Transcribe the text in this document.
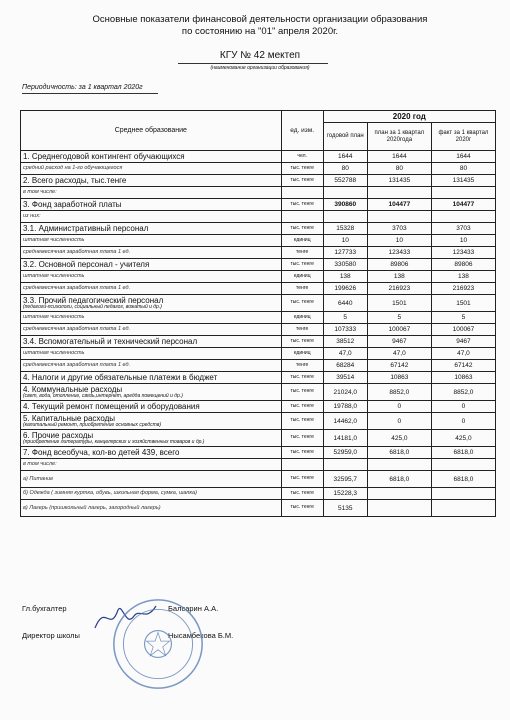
Основные показатели финансовой деятельности организации образования
по состоянию на "01" апреля 2020г.
КГУ № 42 мектеп
(наименование организации образования)
Периодичность: за 1 квартал 2020г
Среднее образование	ед. изм.	2020 год		
		годовой план	план за 1 квартал 2020года	факт за 1 квартал 2020г

1. Среднегодовой контингент обучающихся	чел.	1644	1644	1644

средний расход на 1-го обучающегося	тыс. тенге	80	80	80

2. Всего расходы, тыс.тенге	тыс. тенге	552788	131435	131435

в том числе:				

3. Фонд заработной платы	тыс. тенге	390860	104477	104477

из них:				

3.1. Административный персонал	тыс. тенге	15328	3703	3703

штатная численность	единиц	10	10	10

среднемесячная заработная плата 1 ед.	тенге	127733	123433	123433

3.2. Основной персонал - учителя	тыс. тенге	330580	89806	89806

штатная численность	единиц	138	138	138

среднемесячная заработная плата 1 ед.	тенге	199626	216923	216923

3.3. Прочий педагогический персонал
(педагоги-психологи, социальный педагог, вожатый и др.)	тыс. тенге	6440	1501	1501

штатная численность	единиц	5	5	5

среднемесячная заработная плата 1 ед.	тенге	107333	100067	100067

3.4. Вспомогательный и технический персонал	тыс. тенге	38512	9467	9467

штатная численность	единиц	47,0	47,0	47,0

среднемесячная заработная плата 1 ед.	тенге	68284	67142	67142

4. Налоги и другие обязательные платежи в бюджет	тыс. тенге	39514	10863	10863

4. Коммунальные расходы
(свет, вода, отопление, связь,интернет, аредда помещений и др.)	тыс. тенге	21024,0	8852,0	8852,0

4. Текущий ремонт помещений и оборудования	тыс. тенге	19788,0	0	0

5. Капитальные расходы
(капитальный ремонт, приобретение основных средств)	тыс. тенге	14462,0	0	0

6. Прочие расходы
(приобретение литературы, канцелярских и хозяйственных товаров и др.)	тыс. тенге	14181,0	425,0	425,0

7. Фонд всеобуча, кол-во детей 439, всего	тыс. тенге	52959,0	6818,0	6818,0

в том числе:				

а) Питание	тыс. тенге	32595,7	6818,0	6818,0

б) Одежда ( зимняя куртка, обувь, школьная форма, сумка, шапка)	тыс. тенге	15228,3		

в) Лагерь (пришкольный лагерь, загородный лагерь)	тыс. тенге	5135		
Гл.бухгалтер	Балсарин А.А.
Директор школы	Нысамбекова Б.М.
